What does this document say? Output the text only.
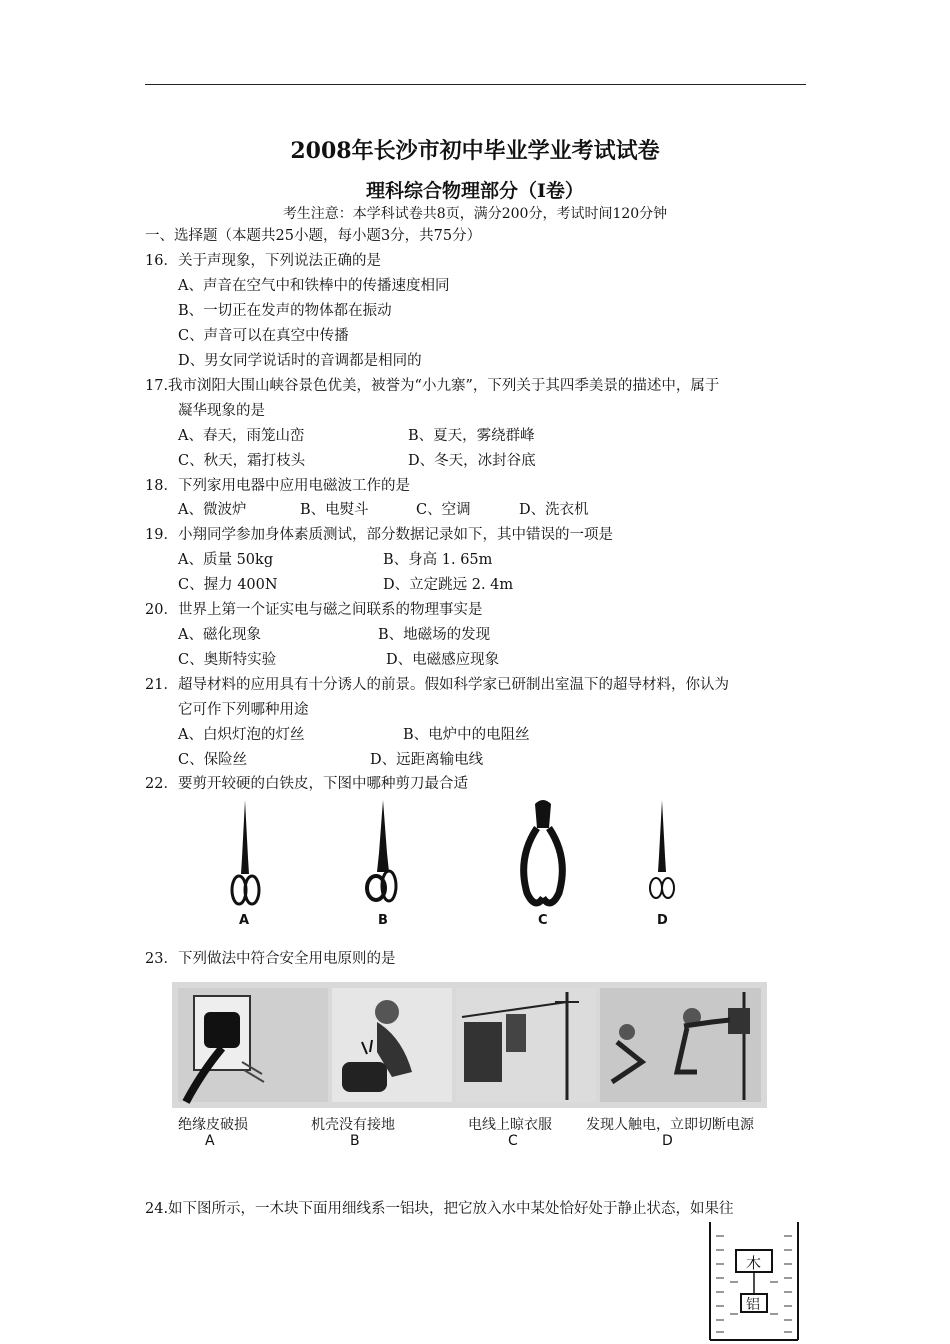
2008年长沙市初中毕业学业考试试卷
理科综合物理部分（Ⅰ卷）
考生注意：本学科试卷共8页，满分200分，考试时间120分钟
一、选择题（本题共25小题，每小题3分，共75分）
16．关于声现象，下列说法正确的是
A、声音在空气中和铁棒中的传播速度相同
B、一切正在发声的物体都在振动
C、声音可以在真空中传播
D、男女同学说话时的音调都是相同的
17.我市浏阳大围山峡谷景色优美，被誉为“小九寨”，下列关于其四季美景的描述中，属于
凝华现象的是
A、春天，雨笼山峦	B、夏天，雾绕群峰
C、秋天，霜打枝头	D、冬天，冰封谷底
18．下列家用电器中应用电磁波工作的是
A、微波炉	B、电熨斗	C、空调	D、洗衣机
19．小翔同学参加身体素质测试，部分数据记录如下，其中错误的一项是
A、质量 50kg	B、身高 1. 65m
C、握力 400N	D、立定跳远 2. 4m
20．世界上第一个证实电与磁之间联系的物理事实是
A、磁化现象	B、地磁场的发现
C、奥斯特实验	D、电磁感应现象
21．超导材料的应用具有十分诱人的前景。假如科学家已研制出室温下的超导材料，你认为
它可作下列哪种用途
A、白炽灯泡的灯丝	B、电炉中的电阻丝
C、保险丝	D、远距离输电线
22．要剪开较硬的白铁皮，下图中哪种剪刀最合适
A	B	C	D
23．下列做法中符合安全用电原则的是
绝缘皮破损	机壳没有接地	电线上晾衣服 发现人触电，立即切断电源
A	B	C	D
24.如下图所示，一木块下面用细线系一铝块，把它放入水中某处恰好处于静止状态，如果往
木
铝
